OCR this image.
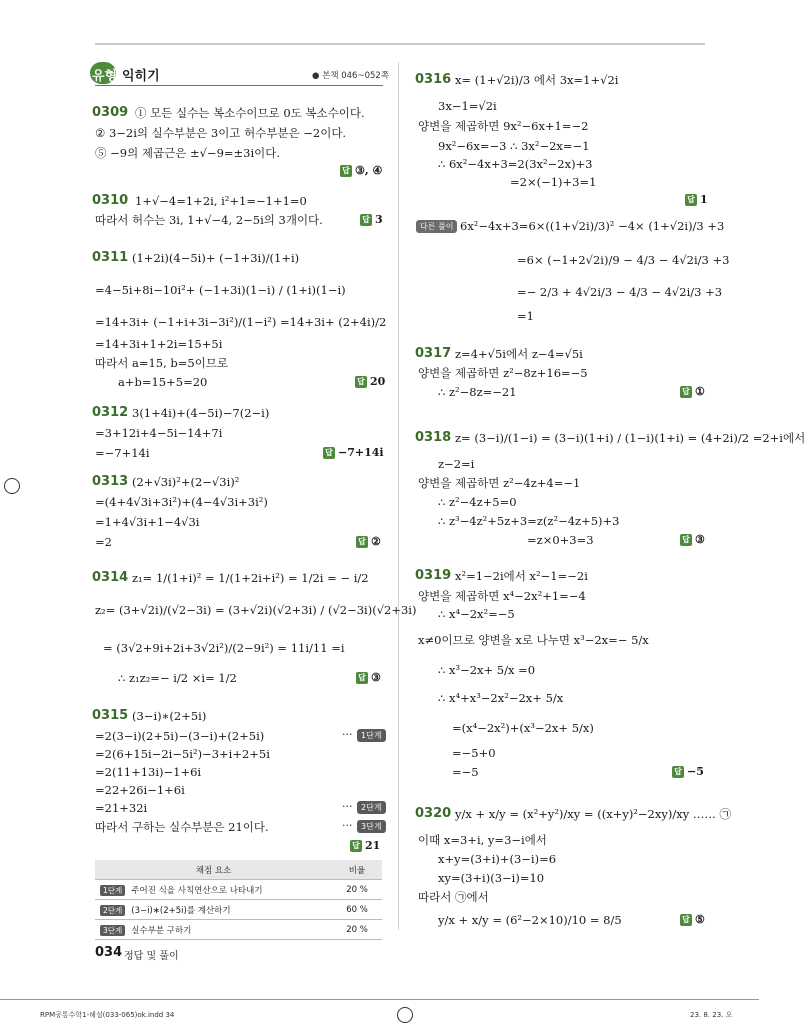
유형 익히기	● 본책 046~052쪽
0309 ① 모든 실수는 복소수이므로 0도 복소수이다.
② 3−2i의 실수부분은 3이고 허수부분은 −2이다.
⑤ −9의 제곱근은 ±√−9=±3i이다.
답 ③, ④
0310 1+√−4=1+2i, i²+1=−1+1=0
따라서 허수는 3i, 1+√−4, 2−5i의 3개이다.	답 3
0311 (1+2i)(4−5i)+ (−1+3i)/(1+i)
=4−5i+8i−10i²+ (−1+3i)(1−i) / (1+i)(1−i)
=14+3i+ (−1+i+3i−3i²)/(1−i²) =14+3i+ (2+4i)/2
=14+3i+1+2i=15+5i
따라서 a=15, b=5이므로
a+b=15+5=20	답 20
0312 3(1+4i)+(4−5i)−7(2−i)
=3+12i+4−5i−14+7i
=−7+14i	답 −7+14i
0313 (2+√3i)²+(2−√3i)²
=(4+4√3i+3i²)+(4−4√3i+3i²)
=1+4√3i+1−4√3i
=2	답 ②
0314 z₁= 1/(1+i)² = 1/(1+2i+i²) = 1/2i = − i/2
z₂= (3+√2i)/(√2−3i) = (3+√2i)(√2+3i) / (√2−3i)(√2+3i)
= (3√2+9i+2i+3√2i²)/(2−9i²) = 11i/11 =i
∴ z₁z₂=− i/2 ×i= 1/2	답 ③
0315 (3−i)∗(2+5i)
=2(3−i)(2+5i)−(3−i)+(2+5i)	···	1단계
=2(6+15i−2i−5i²)−3+i+2+5i
=2(11+13i)−1+6i
=22+26i−1+6i
=21+32i	···	2단계
따라서 구하는 실수부분은 21이다.	···	3단계
답 21
채점 요소	비율
1단계 주어진 식을 사칙연산으로 나타내기	20 %
2단계 (3−i)∗(2+5i)를 계산하기	60 %
3단계 실수부분 구하기	20 %
0316 x= (1+√2i)/3 에서 3x=1+√2i
3x−1=√2i
양변을 제곱하면 9x²−6x+1=−2
9x²−6x=−3 ∴ 3x²−2x=−1
∴ 6x²−4x+3=2(3x²−2x)+3
=2×(−1)+3=1
답 1
다른 풀이 6x²−4x+3=6×((1+√2i)/3)² −4× (1+√2i)/3 +3
=6× (−1+2√2i)/9 − 4/3 − 4√2i/3 +3
=− 2/3 + 4√2i/3 − 4/3 − 4√2i/3 +3
=1
0317 z=4+√5i에서 z−4=√5i
양변을 제곱하면 z²−8z+16=−5
∴ z²−8z=−21	답 ①
0318 z= (3−i)/(1−i) = (3−i)(1+i) / (1−i)(1+i) = (4+2i)/2 =2+i에서
z−2=i
양변을 제곱하면 z²−4z+4=−1
∴ z²−4z+5=0
∴ z³−4z²+5z+3=z(z²−4z+5)+3
=z×0+3=3	답 ③
0319 x²=1−2i에서 x²−1=−2i
양변을 제곱하면 x⁴−2x²+1=−4
∴ x⁴−2x²=−5
x≠0이므로 양변을 x로 나누면 x³−2x=− 5/x
∴ x³−2x+ 5/x =0
∴ x⁴+x³−2x²−2x+ 5/x
=(x⁴−2x²)+(x³−2x+ 5/x)
=−5+0
=−5	답 −5
0320 y/x + x/y = (x²+y²)/xy = ((x+y)²−2xy)/xy …… ㉠
이때 x=3+i, y=3−i에서
x+y=(3+i)+(3−i)=6
xy=(3+i)(3−i)=10
따라서 ㉠에서
y/x + x/y = (6²−2×10)/10 = 8/5	답 ⑤
034 정답 및 풀이
RPM공통수학1-해설(033-065)ok.indd 34	23. 8. 23. 오
